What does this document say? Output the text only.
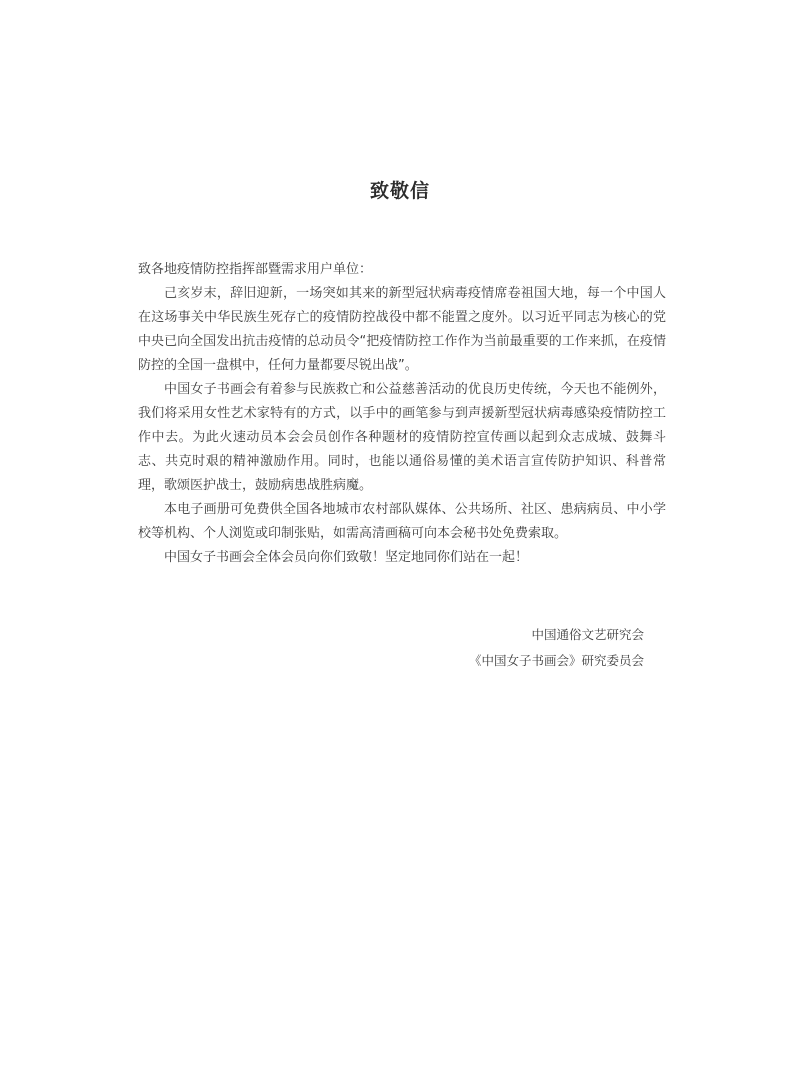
致敬信

致各地疫情防控指挥部暨需求用户单位：

己亥岁末，辞旧迎新，一场突如其来的新型冠状病毒疫情席卷祖国大地，每一个中国人在这场事关中华民族生死存亡的疫情防控战役中都不能置之度外。以习近平同志为核心的党中央已向全国发出抗击疫情的总动员令“把疫情防控工作作为当前最重要的工作来抓，在疫情防控的全国一盘棋中，任何力量都要尽锐出战”。

中国女子书画会有着参与民族救亡和公益慈善活动的优良历史传统，今天也不能例外，我们将采用女性艺术家特有的方式，以手中的画笔参与到声援新型冠状病毒感染疫情防控工作中去。为此火速动员本会会员创作各种题材的疫情防控宣传画以起到众志成城、鼓舞斗志、共克时艰的精神激励作用。同时，也能以通俗易懂的美术语言宣传防护知识、科普常理，歌颂医护战士，鼓励病患战胜病魔。

本电子画册可免费供全国各地城市农村部队媒体、公共场所、社区、患病病员、中小学校等机构、个人浏览或印制张贴，如需高清画稿可向本会秘书处免费索取。

中国女子书画会全体会员向你们致敬！坚定地同你们站在一起！

中国通俗文艺研究会
《中国女子书画会》研究委员会
